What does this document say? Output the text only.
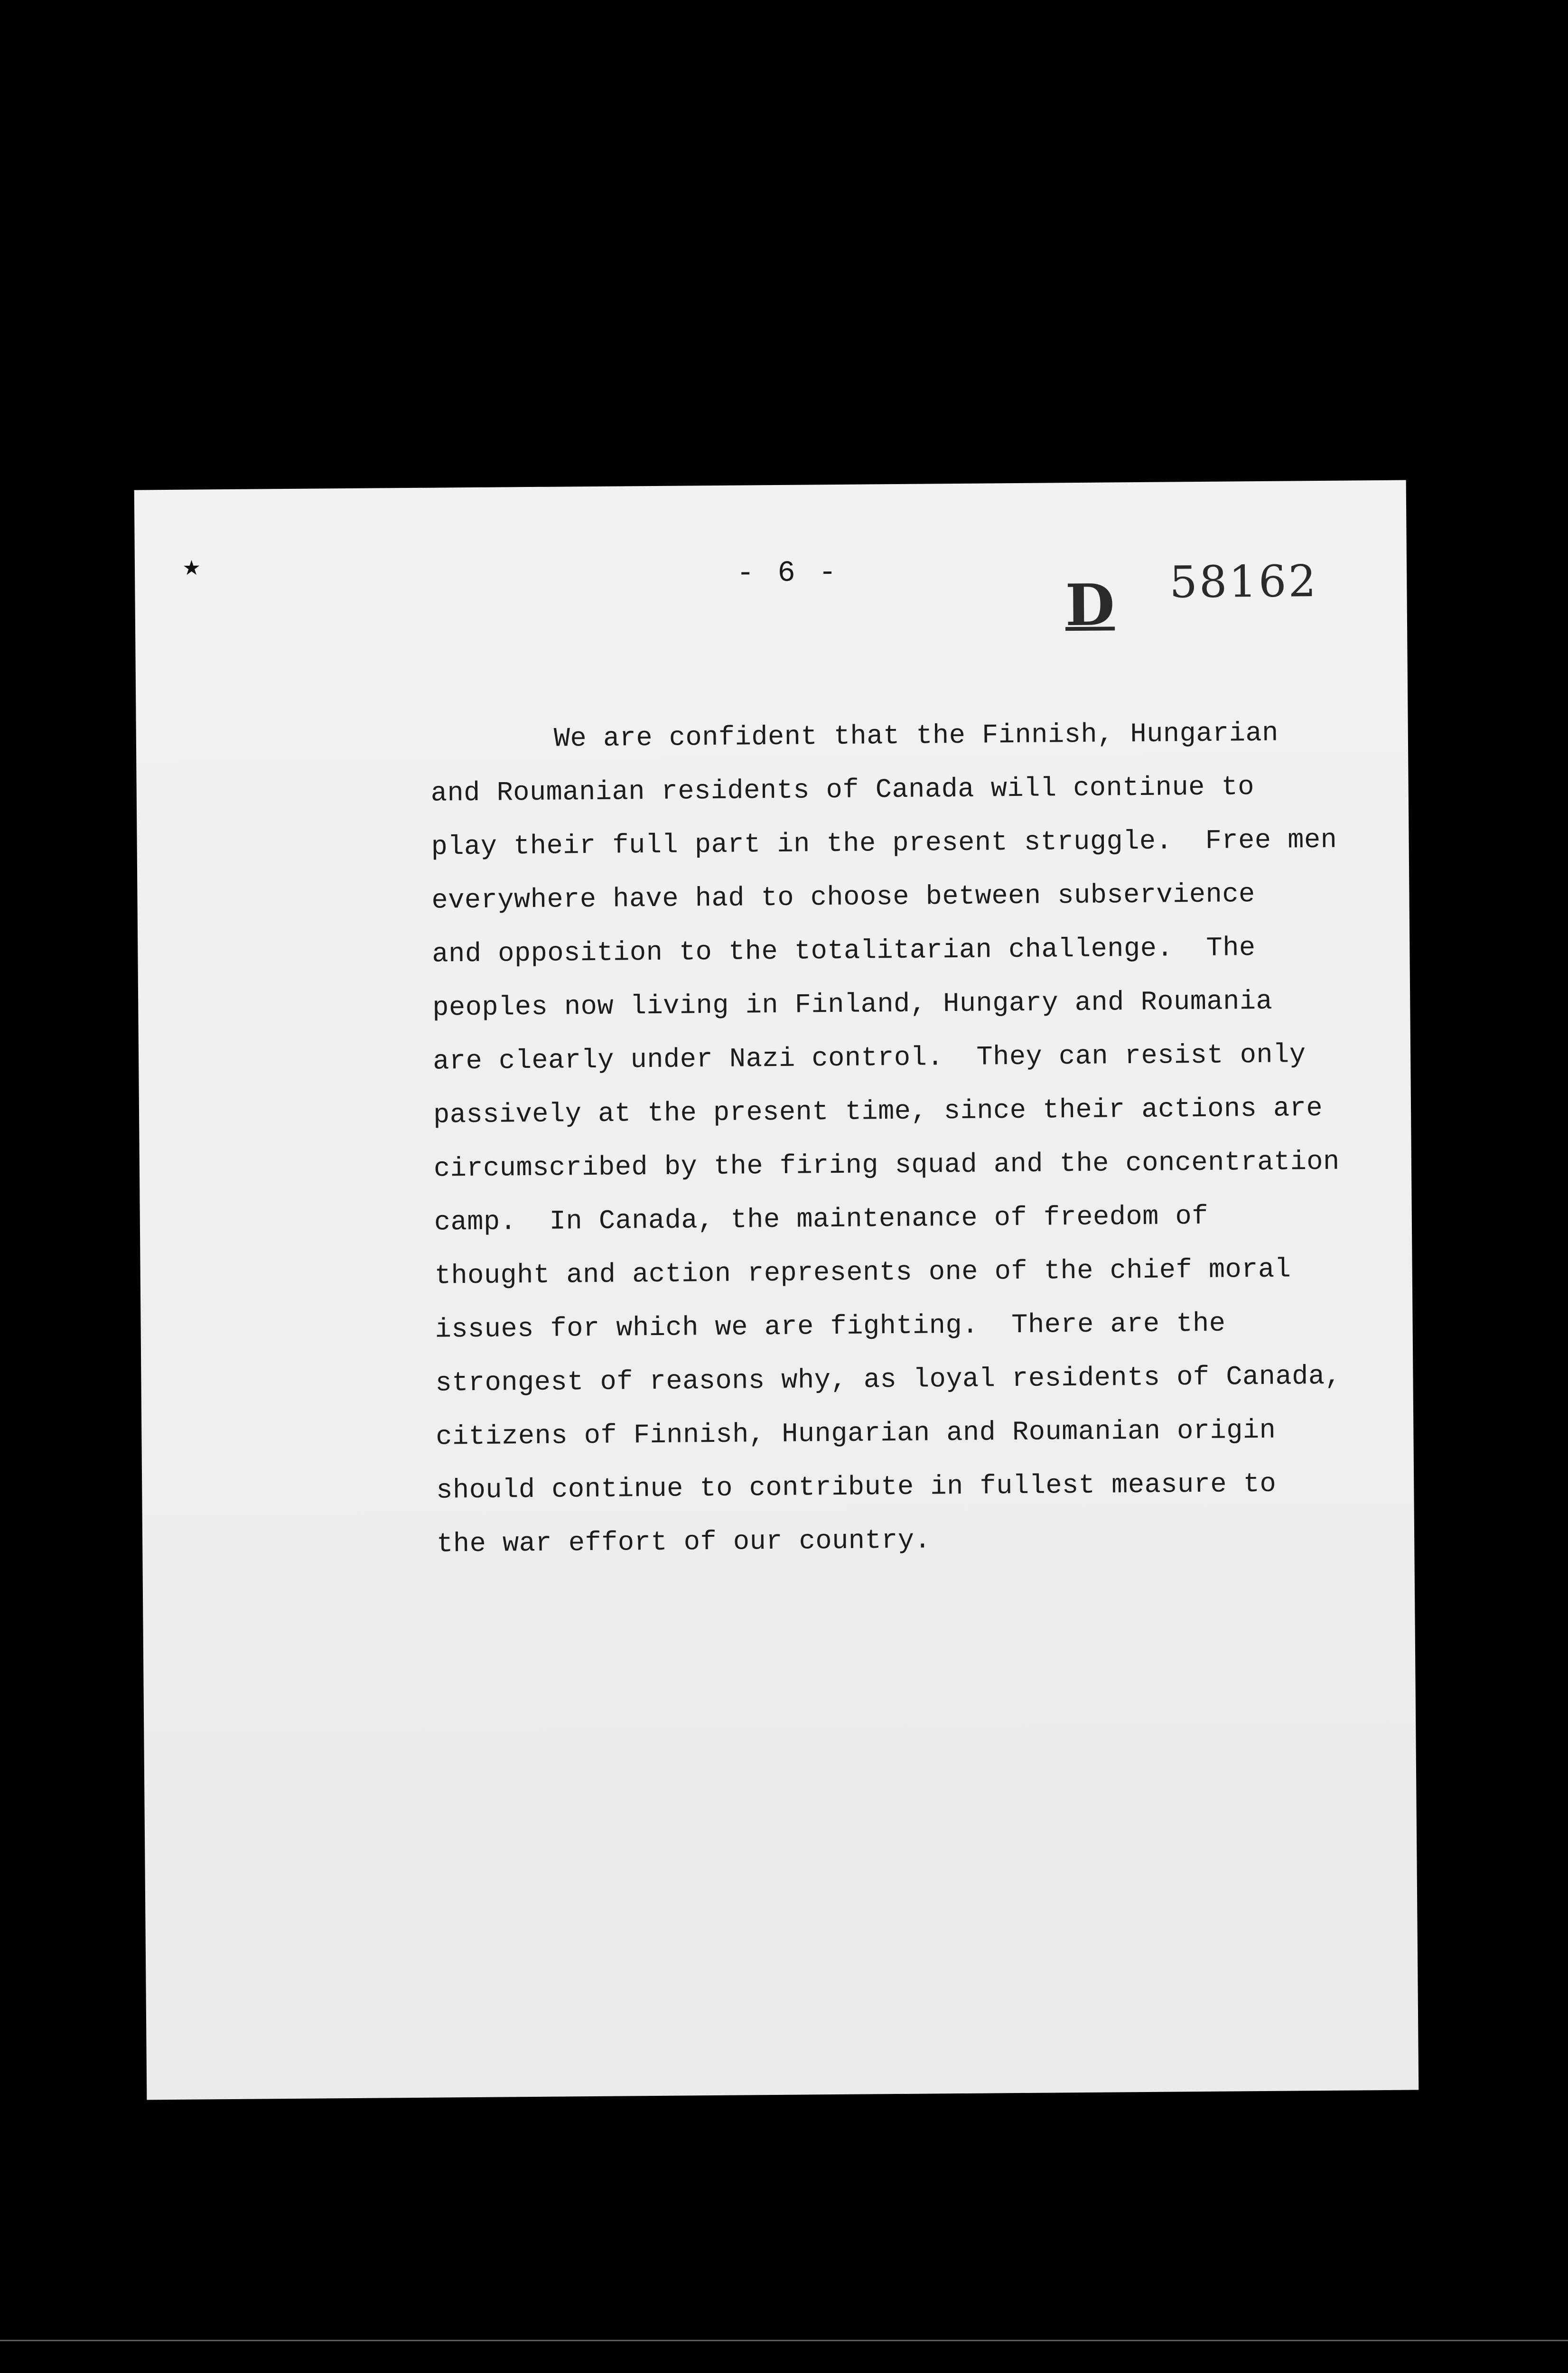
٭	- 6 -	D 58162
We are confident that the Finnish, Hungarian
and Roumanian residents of Canada will continue to
play their full part in the present struggle.  Free men
everywhere have had to choose between subservience
and opposition to the totalitarian challenge.  The
peoples now living in Finland, Hungary and Roumania
are clearly under Nazi control.  They can resist only
passively at the present time, since their actions are
circumscribed by the firing squad and the concentration
camp.  In Canada, the maintenance of freedom of
thought and action represents one of the chief moral
issues for which we are fighting.  There are the
strongest of reasons why, as loyal residents of Canada,
citizens of Finnish, Hungarian and Roumanian origin
should continue to contribute in fullest measure to
the war effort of our country.
